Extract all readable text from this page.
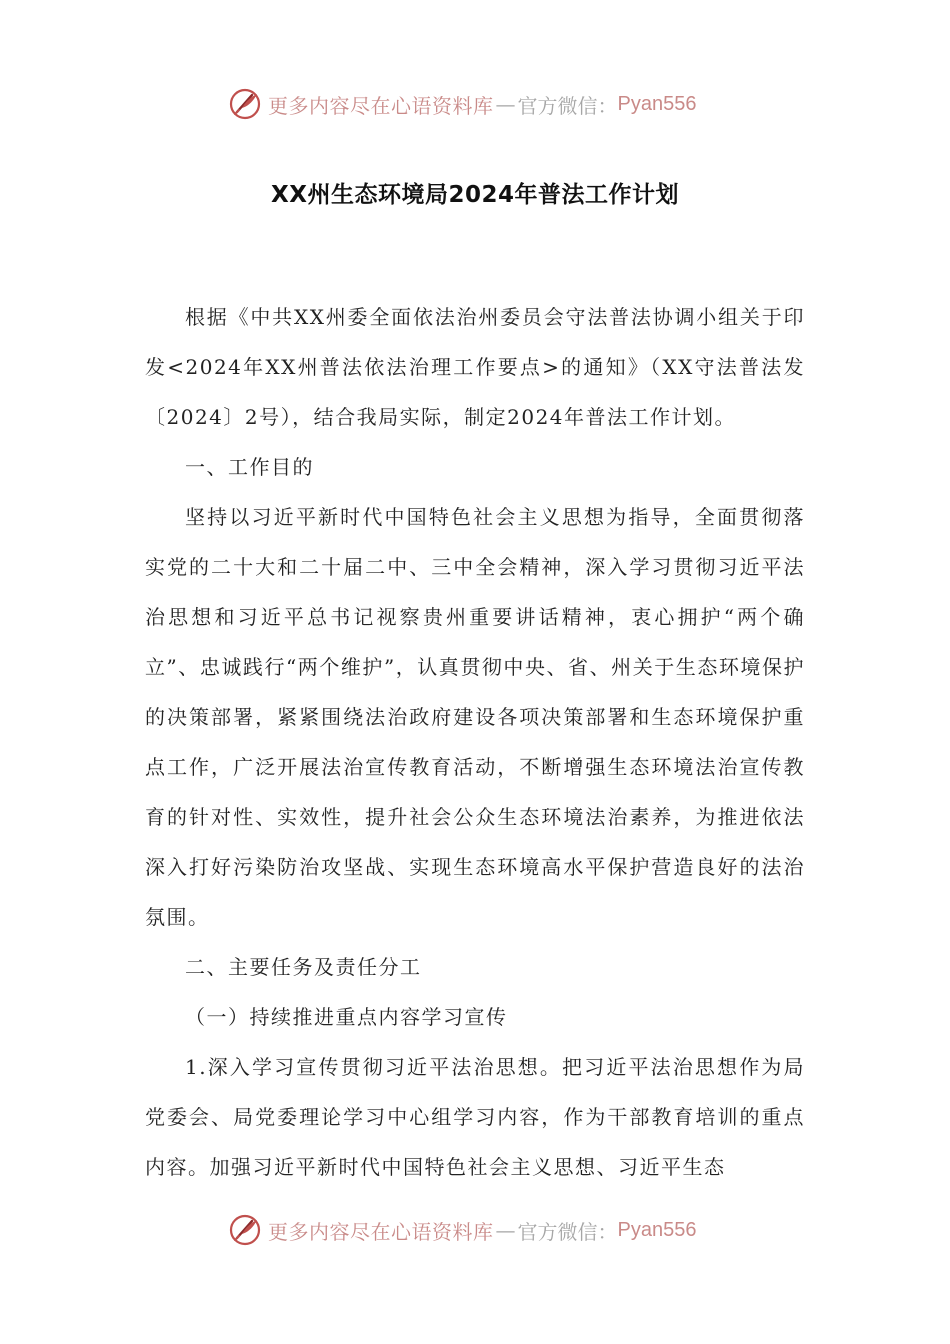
更多内容尽在心语资料库 — 官方微信： Pyan556
XX州生态环境局2024年普法工作计划

根据《中共XX州委全面依法治州委员会守法普法协调小组关于印发<2024年XX州普法依法治理工作要点>的通知》（XX守法普法发〔2024〕2号），结合我局实际，制定2024年普法工作计划。

一、工作目的

坚持以习近平新时代中国特色社会主义思想为指导，全面贯彻落实党的二十大和二十届二中、三中全会精神，深入学习贯彻习近平法治思想和习近平总书记视察贵州重要讲话精神，衷心拥护“两个确立”、忠诚践行“两个维护”，认真贯彻中央、省、州关于生态环境保护的决策部署，紧紧围绕法治政府建设各项决策部署和生态环境保护重点工作，广泛开展法治宣传教育活动，不断增强生态环境法治宣传教育的针对性、实效性，提升社会公众生态环境法治素养，为推进依法深入打好污染防治攻坚战、实现生态环境高水平保护营造良好的法治氛围。

二、主要任务及责任分工

（一）持续推进重点内容学习宣传

1.深入学习宣传贯彻习近平法治思想。把习近平法治思想作为局党委会、局党委理论学习中心组学习内容，作为干部教育培训的重点内容。加强习近平新时代中国特色社会主义思想、习近平生态

更多内容尽在心语资料库 — 官方微信： Pyan556
